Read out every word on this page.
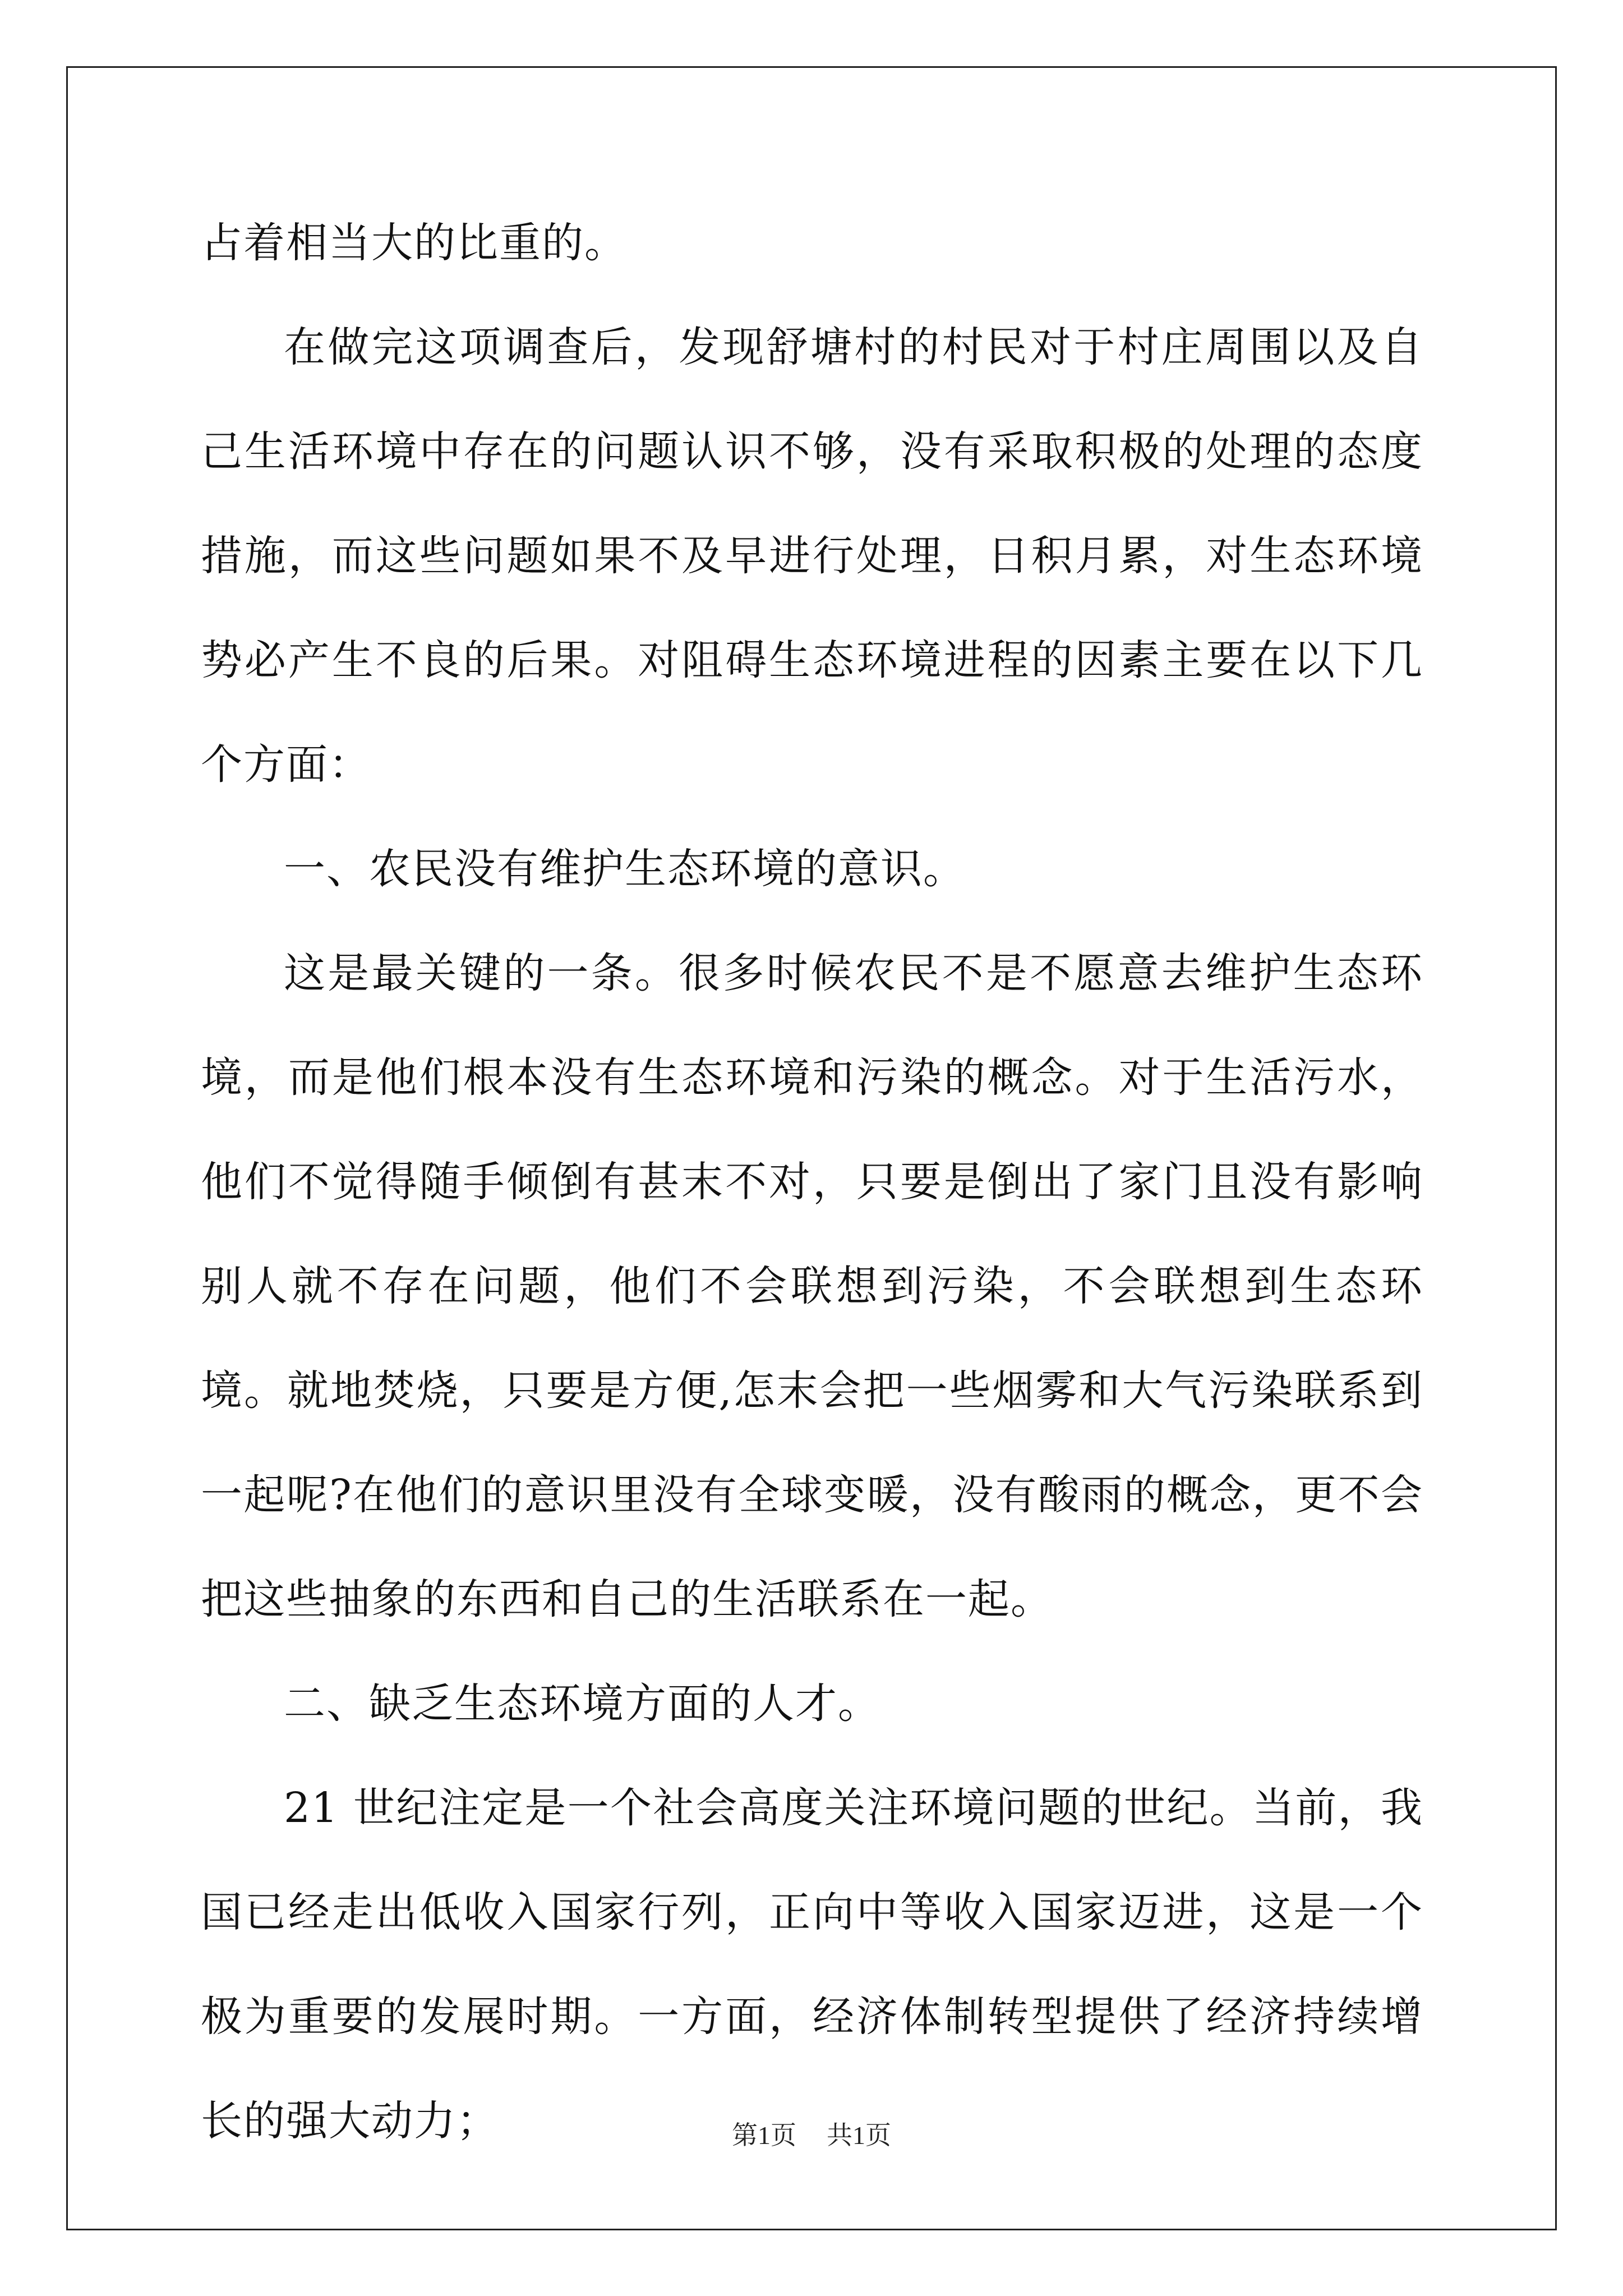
占着相当大的比重的。

在做完这项调查后，发现舒塘村的村民对于村庄周围以及自己生活环境中存在的问题认识不够，没有采取积极的处理的态度措施，而这些问题如果不及早进行处理，日积月累，对生态环境势必产生不良的后果。对阻碍生态环境进程的因素主要在以下几个方面：

一、农民没有维护生态环境的意识。

这是最关键的一条。很多时候农民不是不愿意去维护生态环境，而是他们根本没有生态环境和污染的概念。对于生活污水，他们不觉得随手倾倒有甚末不对，只要是倒出了家门且没有影响别人就不存在问题，他们不会联想到污染，不会联想到生态环境。就地焚烧，只要是方便,怎末会把一些烟雾和大气污染联系到一起呢?在他们的意识里没有全球变暖，没有酸雨的概念，更不会把这些抽象的东西和自己的生活联系在一起。

二、缺乏生态环境方面的人才。

21 世纪注定是一个社会高度关注环境问题的世纪。当前，我国已经走出低收入国家行列，正向中等收入国家迈进，这是一个极为重要的发展时期。一方面，经济体制转型提供了经济持续增长的强大动力；	第1页 共1页
